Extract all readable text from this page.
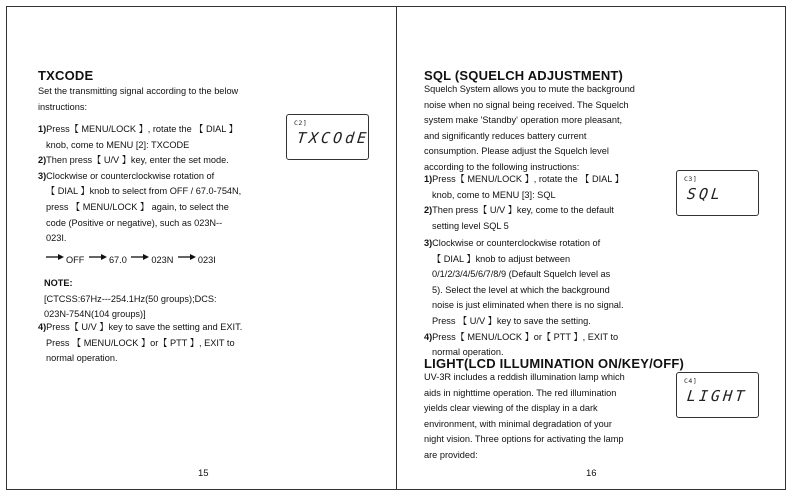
TXCODE
Set the transmitting signal according to the below
instructions:
1)Press【 MENU/LOCK 】, rotate the 【 DIAL 】
knob, come to MENU [2]: TXCODE
2)Then press【 U/V 】key, enter the set mode.
3)Clockwise or counterclockwise rotation of
【 DIAL 】knob to select from OFF / 67.0-754N,
press 【 MENU/LOCK 】 again, to select the
code (Positive or negative), such as 023N--
023I.
OFF	67.0	023N	023I
NOTE:
[CTCSS:67Hz---254.1Hz(50 groups);DCS:
023N-754N(104 groups)]
4)Press【 U/V 】key to save the setting and EXIT.
Press 【 MENU/LOCK 】or【 PTT 】, EXIT to
normal operation.
C2]
TXCOdE
15
SQL (SQUELCH ADJUSTMENT)
Squelch System allows you to mute the background
noise when no signal being received. The Squelch
system make 'Standby' operation more pleasant,
and significantly reduces battery current
consumption. Please adjust the Squelch level
according to the following instructions:
1)Press【 MENU/LOCK 】, rotate the 【 DIAL 】
knob, come to MENU [3]: SQL
2)Then press【 U/V 】key, come to the default
setting level SQL 5
3)Clockwise or counterclockwise rotation of
【 DIAL 】knob to adjust between
0/1/2/3/4/5/6/7/8/9 (Default Squelch level as
5). Select the level at which the background
noise is just eliminated when there is no signal.
Press 【 U/V 】key to save the setting.
4)Press【 MENU/LOCK 】or【 PTT 】, EXIT to
normal operation.
C3]
SQL
LIGHT(LCD ILLUMINATION ON/KEY/OFF)
UV-3R includes a reddish illumination lamp which
aids in nighttime operation. The red illumination
yields clear viewing of the display in a dark
environment, with minimal degradation of your
night vision. Three options for activating the lamp
are provided:
C4]
LIGHT
16
